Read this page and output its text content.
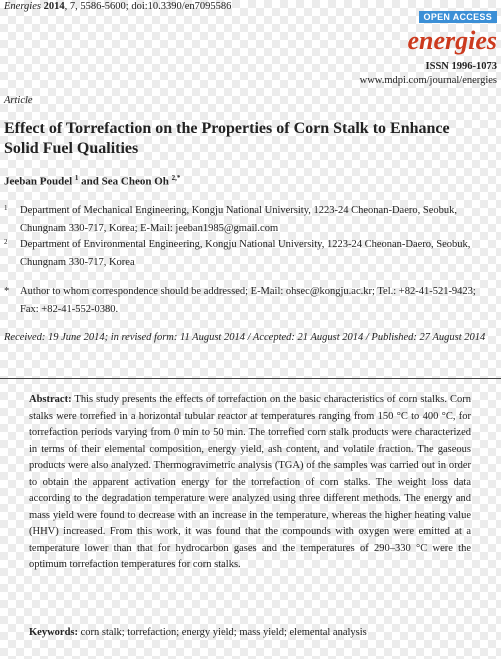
Energies 2014, 7, 5586-5600; doi:10.3390/en7095586
OPEN ACCESS
energies
ISSN 1996-1073
www.mdpi.com/journal/energies
Article
Effect of Torrefaction on the Properties of Corn Stalk to Enhance Solid Fuel Qualities
Jeeban Poudel $^1$ and Sea Cheon Oh $^{2,*}$
1 Department of Mechanical Engineering, Kongju National University, 1223-24 Cheonan-Daero, Seobuk, Chungnam 330-717, Korea; E-Mail: jeeban1985@gmail.com
2 Department of Environmental Engineering, Kongju National University, 1223-24 Cheonan-Daero, Seobuk, Chungnam 330-717, Korea
* Author to whom correspondence should be addressed; E-Mail: ohsec@kongju.ac.kr; Tel.: +82-41-521-9423; Fax: +82-41-552-0380.
Received: 19 June 2014; in revised form: 11 August 2014 / Accepted: 21 August 2014 / Published: 27 August 2014
Abstract: This study presents the effects of torrefaction on the basic characteristics of corn stalks. Corn stalks were torrefied in a horizontal tubular reactor at temperatures ranging from 150 °C to 400 °C, for torrefaction periods varying from 0 min to 50 min. The torrefied corn stalk products were characterized in terms of their elemental composition, energy yield, ash content, and volatile fraction. The gaseous products were also analyzed. Thermogravimetric analysis (TGA) of the samples was carried out in order to obtain the apparent activation energy for the torrefaction of corn stalks. The weight loss data according to the degradation temperature were analyzed using three different methods. The energy and mass yield were found to decrease with an increase in the temperature, whereas the higher heating value (HHV) increased. From this work, it was found that the compounds with oxygen were emitted at a temperature lower than that for hydrocarbon gases and the temperatures of 290–330 °C were the optimum torrefaction temperatures for corn stalks.
Keywords: corn stalk; torrefaction; energy yield; mass yield; elemental analysis
